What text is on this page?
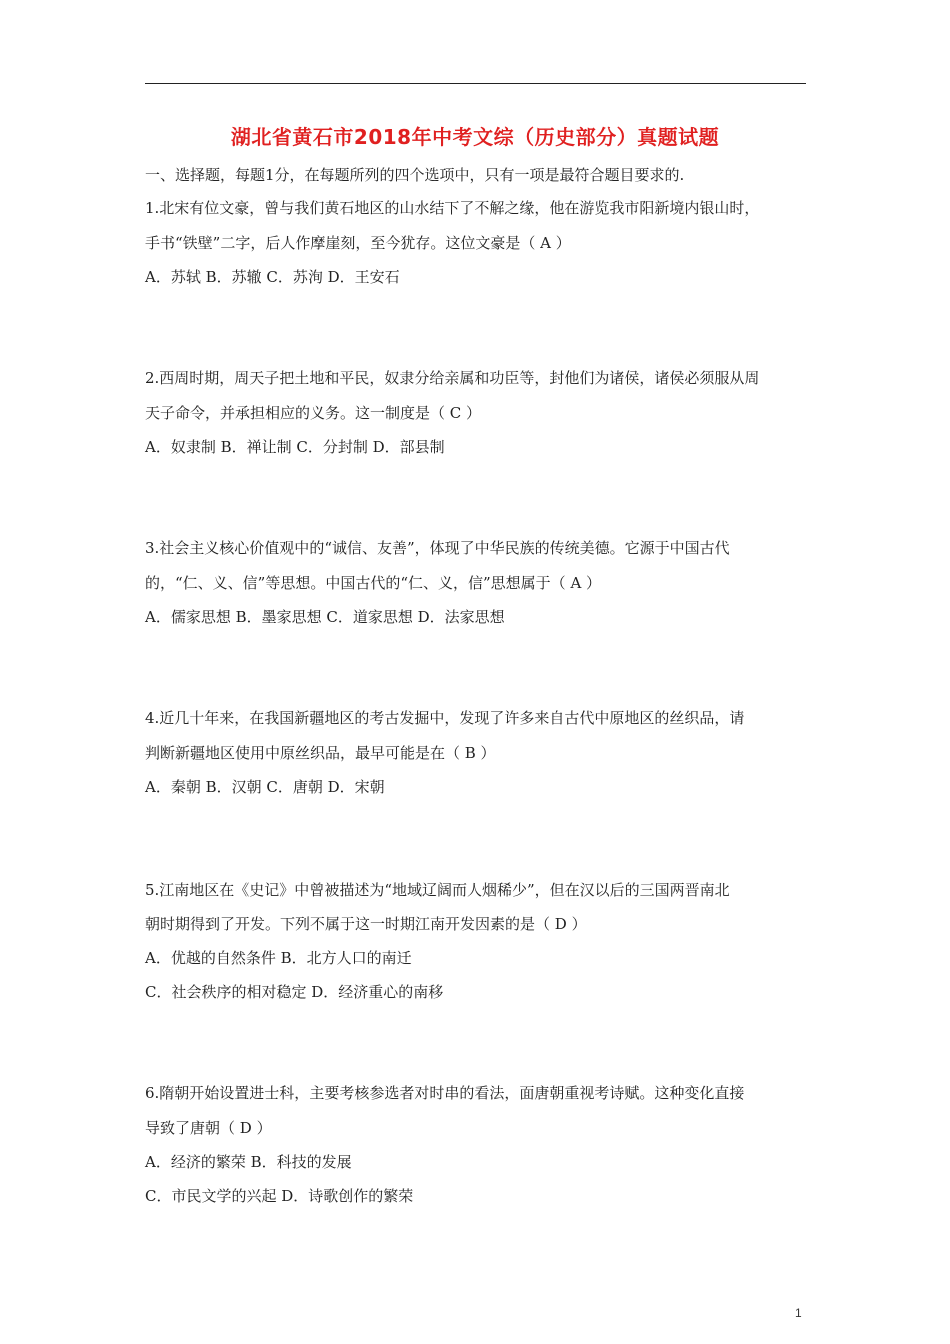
湖北省黄石市2018年中考文综（历史部分）真题试题
一、选择题，每题1分，在每题所列的四个选项中，只有一项是最符合题目要求的.
1.北宋有位文豪，曾与我们黄石地区的山水结下了不解之缘，他在游览我市阳新境内银山时，
手书“铁壁”二字，后人作摩崖刻，至今犹存。这位文豪是（ A ）
A．苏轼 B．苏辙 C．苏洵 D．王安石
2.西周时期，周天子把土地和平民，奴隶分给亲属和功臣等，封他们为诸侯，诸侯必须服从周
天子命令，并承担相应的义务。这一制度是（ C ）
A．奴隶制 B．禅让制 C．分封制 D．部县制
3.社会主义核心价值观中的“诚信、友善”，体现了中华民族的传统美德。它源于中国古代
的，“仁、义、信”等思想。中国古代的“仁、义，信”思想属于（ A ）
A．儒家思想 B．墨家思想 C．道家思想 D．法家思想
4.近几十年来，在我国新疆地区的考古发掘中，发现了许多来自古代中原地区的丝织品，请
判断新疆地区使用中原丝织品，最早可能是在（ B ）
A．秦朝 B．汉朝 C．唐朝 D．宋朝
5.江南地区在《史记》中曾被描述为“地域辽阔而人烟稀少”，但在汉以后的三国两晋南北
朝时期得到了开发。下列不属于这一时期江南开发因素的是（ D ）
A．优越的自然条件 B．北方人口的南迁
C．社会秩序的相对稳定 D．经济重心的南移
6.隋朝开始设置进士科，主要考核参选者对时串的看法，面唐朝重视考诗赋。这种变化直接
导致了唐朝（ D ）
A．经济的繁荣 B．科技的发展
C．市民文学的兴起 D．诗歌创作的繁荣
1
